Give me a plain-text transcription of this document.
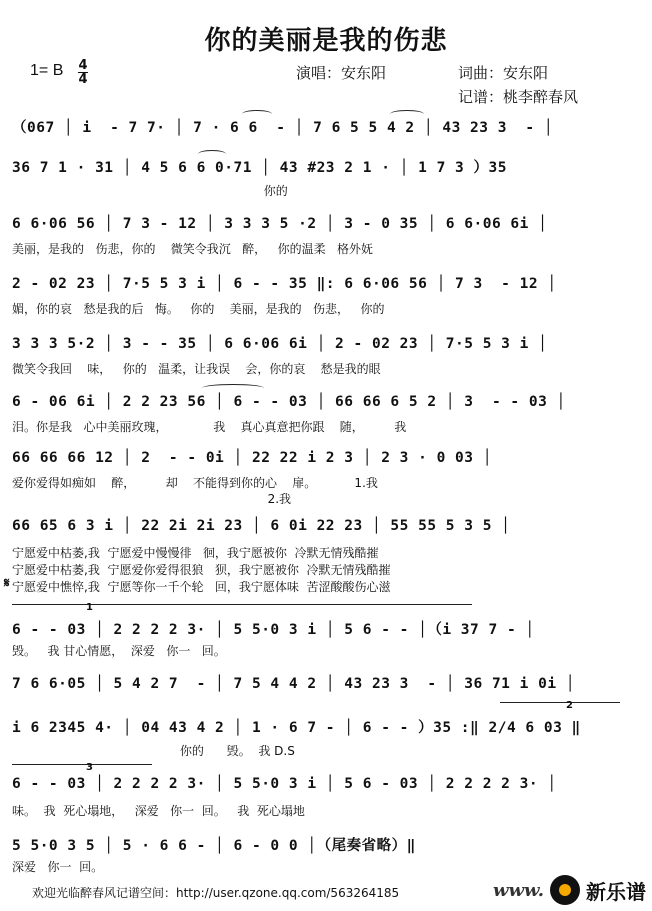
你的美丽是我的伤悲
1= B 4
4	演唱：安东阳	词曲：安东阳
记谱：桃李醉春风
（067 │ i  - 7 7· │ 7 · 6 6  - │ 7 6 5 5 4 2 │ 43 23 3  - │
36 7 1 · 31 │ 4 5 6 6 0·71 │ 43 #23 2 1 · │ 1 7 3 ）35
你的
6 6·06 56 │ 7 3 - 12 │ 3 3 3 5 ·2 │ 3 - 0 35 │ 6 6·06 6i │
美丽，是我的   伤悲，你的    微笑令我沉   醉，   你的温柔   格外妩
2 - 02 23 │ 7·5 5 3 i │ 6 - - 35 ‖: 6 6·06 56 │ 7 3  - 12 │
媚，你的哀   愁是我的后   悔。   你的    美丽，是我的   伤悲，   你的
3 3 3 5·2 │ 3 - - 35 │ 6 6·06 6i │ 2 - 02 23 │ 7·5 5 3 i │
微笑令我回    味，   你的   温柔，让我误    会，你的哀    愁是我的眼
6 - 06 6i │ 2 2 23 56 │ 6 - - 03 │ 66 66 6 5 2 │ 3  - - 03 │
泪。你是我   心中美丽玫瑰，            我    真心真意把你跟    随，        我
66 66 66 12 │ 2  - - 0i │ 22 22 i 2 3 │ 2 3 · 0 03 │
爱你爱得如痴如    醉，        却    不能得到你的心    扉。          1.我
2.我
66 65 6 3 i │ 22 2i 2i 23 │ 6 0i 22 23 │ 55 55 5 3 5 │
宁愿爱中枯萎,我  宁愿爱中慢慢徘   徊，我宁愿被你  冷默无情残酷摧
宁愿爱中枯萎,我  宁愿爱你爱得很狼   狈，我宁愿被你  冷默无情残酷摧
宁愿爱中憔悴,我  宁愿等你一千个轮   回，我宁愿体味  苦涩酸酸伤心滋
𝄋
1
6 - - 03 │ 2 2 2 2 3· │ 5 5·0 3 i │ 5 6 - - │（i 37 7 - │
毁。   我 甘心情愿，  深爱   你一   回。
7 6 6·05 │ 5 4 2 7  - │ 7 5 4 4 2 │ 43 23 3  - │ 36 71 i 0i │
2
i 6 2345 4· │ 04 43 4 2 │ 1 · 6 7 - │ 6 - - ）35 :‖ 2/4 6 03 ‖
你的      毁。  我 D.S
3
6 - - 03 │ 2 2 2 2 3· │ 5 5·0 3 i │ 5 6 - 03 │ 2 2 2 2 3· │
味。  我  死心塌地，   深爱   你一  回。   我  死心塌地
5 5·0 3 5 │ 5 · 6 6 - │ 6 - 0 0 │（尾奏省略）‖
深爱   你一  回。
欢迎光临醉春风记谱空间：http://user.qzone.qq.com/563264185	www. 新乐谱
